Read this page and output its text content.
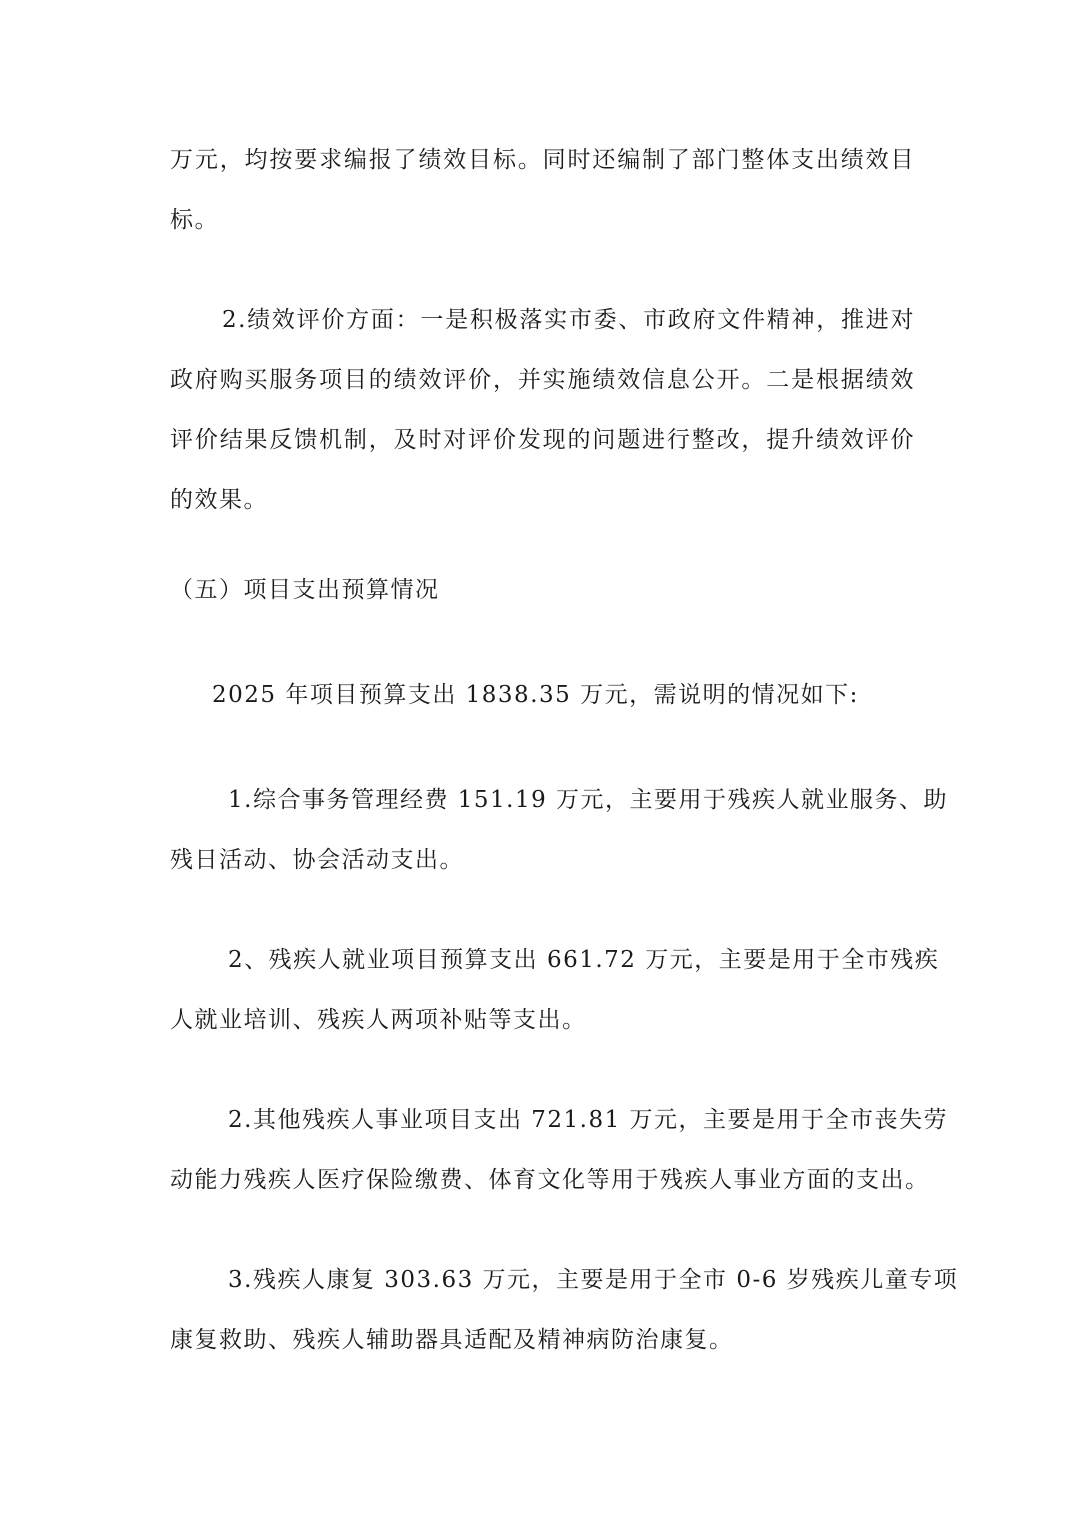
万元，均按要求编报了绩效目标。同时还编制了部门整体支出绩效目
标。
2.绩效评价方面：一是积极落实市委、市政府文件精神，推进对
政府购买服务项目的绩效评价，并实施绩效信息公开。二是根据绩效
评价结果反馈机制，及时对评价发现的问题进行整改，提升绩效评价
的效果。
（五）项目支出预算情况
2025 年项目预算支出 1838.35 万元，需说明的情况如下:
1.综合事务管理经费 151.19 万元，主要用于残疾人就业服务、助
残日活动、协会活动支出。
2、残疾人就业项目预算支出 661.72 万元，主要是用于全市残疾
人就业培训、残疾人两项补贴等支出。
2.其他残疾人事业项目支出 721.81 万元，主要是用于全市丧失劳
动能力残疾人医疗保险缴费、体育文化等用于残疾人事业方面的支出。
3.残疾人康复 303.63 万元，主要是用于全市 0-6 岁残疾儿童专项
康复救助、残疾人辅助器具适配及精神病防治康复。
